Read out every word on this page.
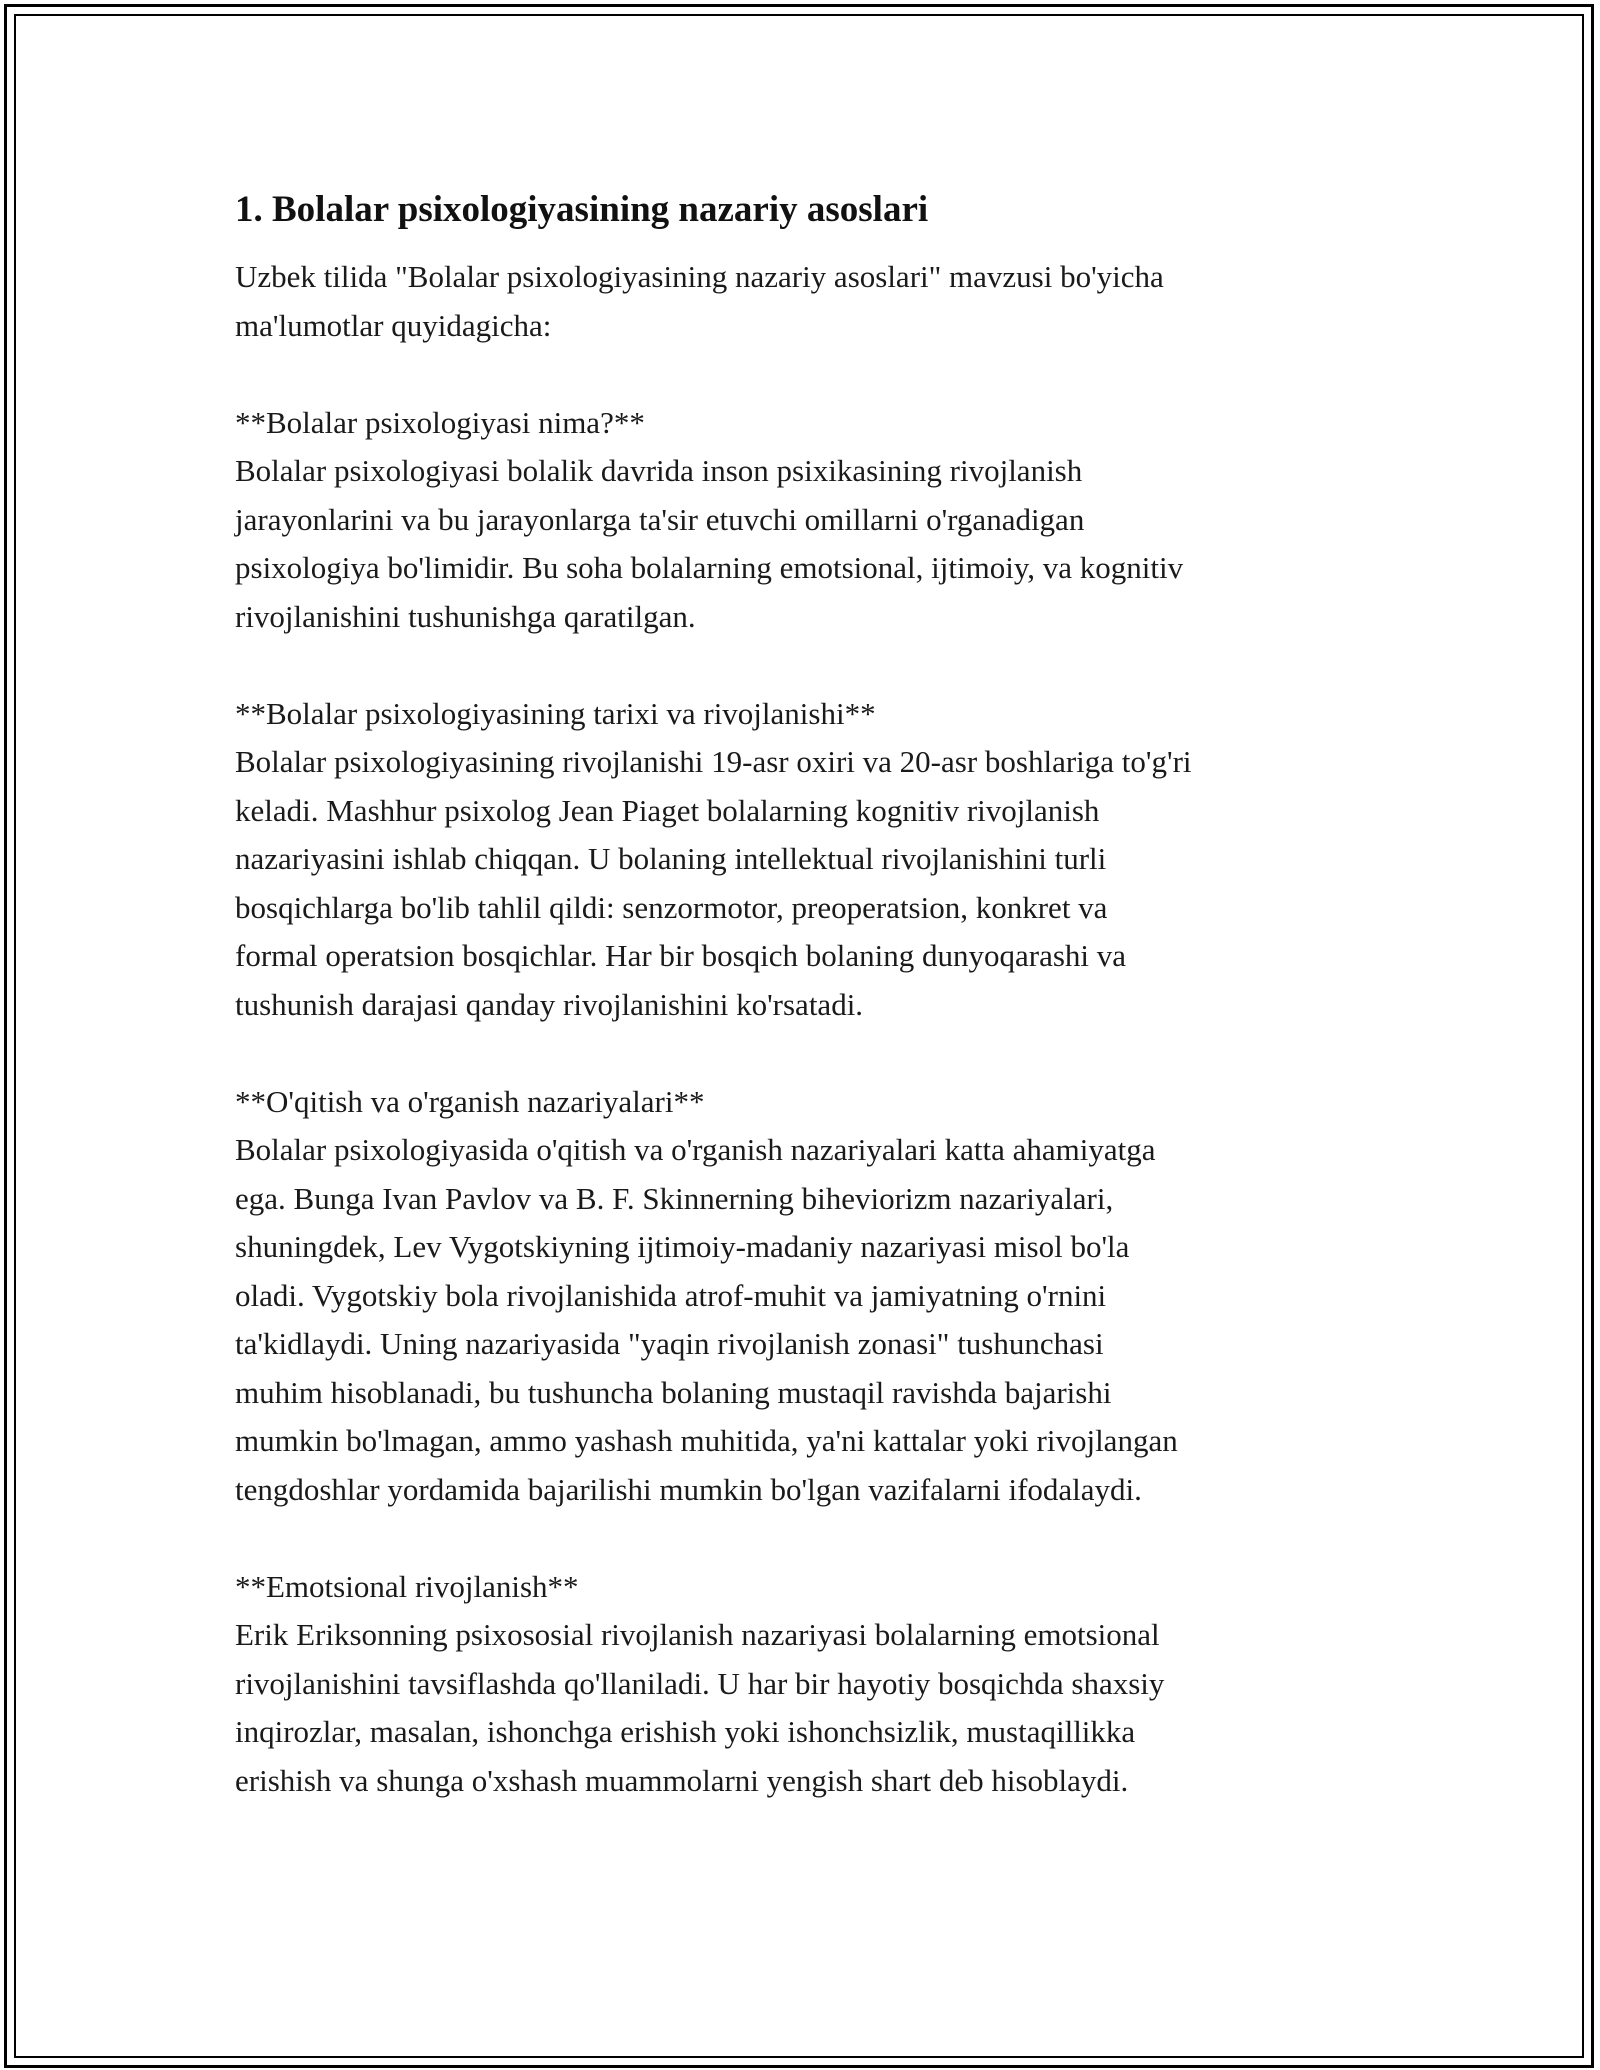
1. Bolalar psixologiyasining nazariy asoslari

Uzbek tilida "Bolalar psixologiyasining nazariy asoslari" mavzusi bo'yicha
ma'lumotlar quyidagicha:

**Bolalar psixologiyasi nima?**

Bolalar psixologiyasi bolalik davrida inson psixikasining rivojlanish
jarayonlarini va bu jarayonlarga ta'sir etuvchi omillarni o'rganadigan
psixologiya bo'limidir. Bu soha bolalarning emotsional, ijtimoiy, va kognitiv
rivojlanishini tushunishga qaratilgan.

**Bolalar psixologiyasining tarixi va rivojlanishi**

Bolalar psixologiyasining rivojlanishi 19-asr oxiri va 20-asr boshlariga to'g'ri
keladi. Mashhur psixolog Jean Piaget bolalarning kognitiv rivojlanish
nazariyasini ishlab chiqqan. U bolaning intellektual rivojlanishini turli
bosqichlarga bo'lib tahlil qildi: senzormotor, preoperatsion, konkret va
formal operatsion bosqichlar. Har bir bosqich bolaning dunyoqarashi va
tushunish darajasi qanday rivojlanishini ko'rsatadi.

**O'qitish va o'rganish nazariyalari**

Bolalar psixologiyasida o'qitish va o'rganish nazariyalari katta ahamiyatga
ega. Bunga Ivan Pavlov va B. F. Skinnerning biheviorizm nazariyalari,
shuningdek, Lev Vygotskiyning ijtimoiy-madaniy nazariyasi misol bo'la
oladi. Vygotskiy bola rivojlanishida atrof-muhit va jamiyatning o'rnini
ta'kidlaydi. Uning nazariyasida "yaqin rivojlanish zonasi" tushunchasi
muhim hisoblanadi, bu tushuncha bolaning mustaqil ravishda bajarishi
mumkin bo'lmagan, ammo yashash muhitida, ya'ni kattalar yoki rivojlangan
tengdoshlar yordamida bajarilishi mumkin bo'lgan vazifalarni ifodalaydi.

**Emotsional rivojlanish**

Erik Eriksonning psixososial rivojlanish nazariyasi bolalarning emotsional
rivojlanishini tavsiflashda qo'llaniladi. U har bir hayotiy bosqichda shaxsiy
inqirozlar, masalan, ishonchga erishish yoki ishonchsizlik, mustaqillikka
erishish va shunga o'xshash muammolarni yengish shart deb hisoblaydi.
